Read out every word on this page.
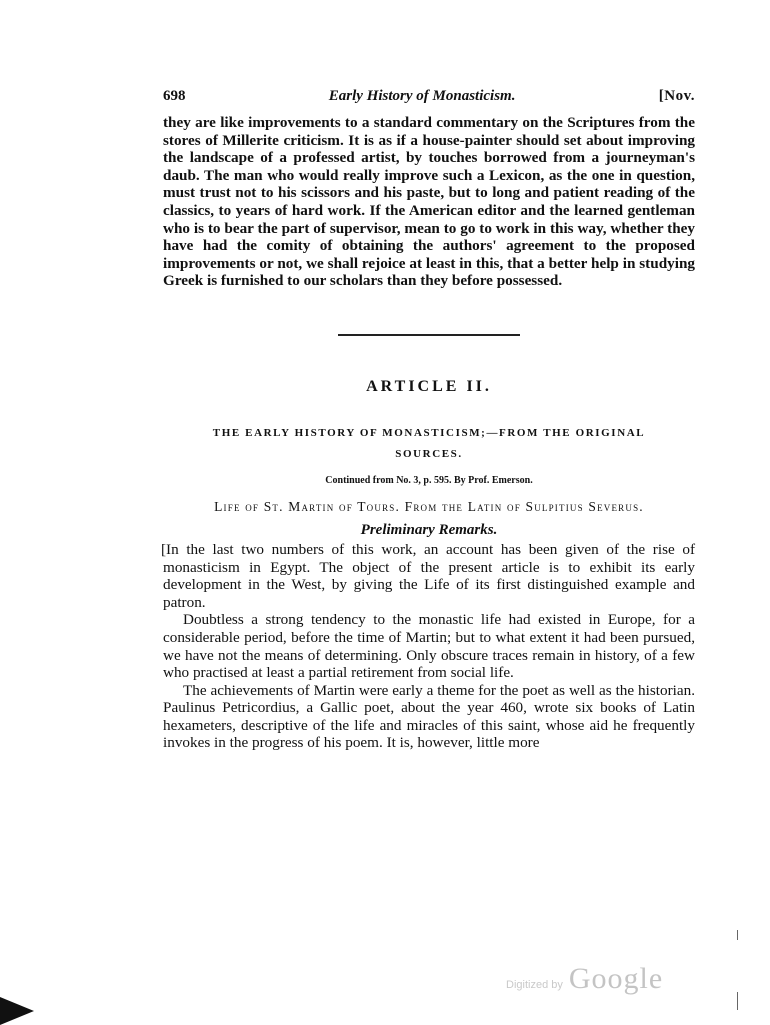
698	Early History of Monasticism.	[Nov.

they are like improvements to a standard commentary on the Scriptures from the stores of Millerite criticism. It is as if a house-painter should set about improving the landscape of a professed artist, by touches borrowed from a journeyman's daub. The man who would really improve such a Lexicon, as the one in question, must trust not to his scissors and his paste, but to long and patient reading of the classics, to years of hard work. If the American editor and the learned gentleman who is to bear the part of supervisor, mean to go to work in this way, whether they have had the comity of obtaining the authors' agreement to the proposed improvements or not, we shall rejoice at least in this, that a better help in studying Greek is furnished to our scholars than they before possessed.

ARTICLE II.
THE EARLY HISTORY OF MONASTICISM;—FROM THE ORIGINAL
SOURCES.
Continued from No. 3, p. 595. By Prof. Emerson.
Life of St. Martin of Tours. From the Latin of Sulpitius Severus.
Preliminary Remarks.

[In the last two numbers of this work, an account has been given of the rise of monasticism in Egypt. The object of the present article is to exhibit its early development in the West, by giving the Life of its first distinguished example and patron.

Doubtless a strong tendency to the monastic life had existed in Europe, for a considerable period, before the time of Martin; but to what extent it had been pursued, we have not the means of determining. Only obscure traces remain in history, of a few who practised at least a partial retirement from social life.

The achievements of Martin were early a theme for the poet as well as the historian. Paulinus Petricordius, a Gallic poet, about the year 460, wrote six books of Latin hexameters, descriptive of the life and miracles of this saint, whose aid he frequently invokes in the progress of his poem. It is, however, little more

Digitized by Google
